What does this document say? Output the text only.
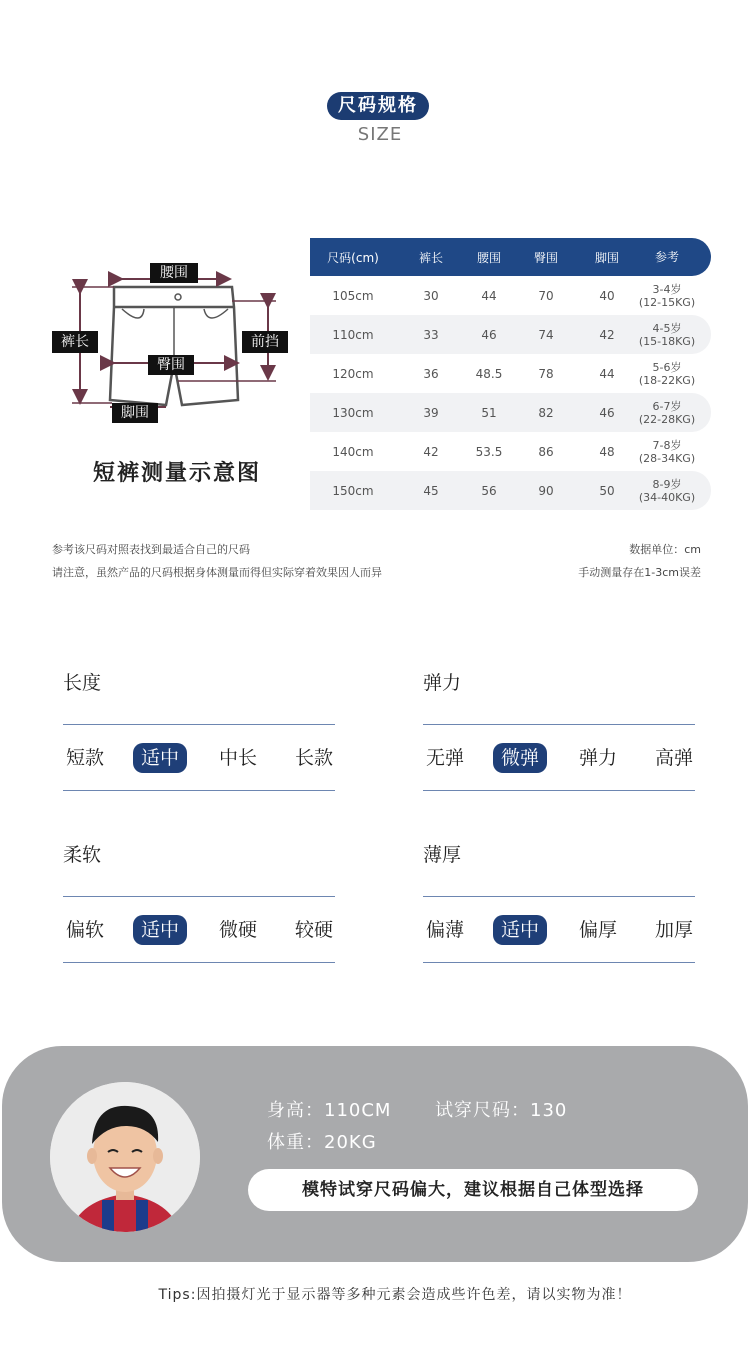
尺码规格
SIZE
腰围
裤长
臀围
前挡
脚围
短裤测量示意图
尺码(cm)	裤长	腰围	臀围	脚围	参考
105cm	30	44	70	40	3-4岁
(12-15KG)
110cm	33	46	74	42	4-5岁
(15-18KG)
120cm	36	48.5	78	44	5-6岁
(18-22KG)
130cm	39	51	82	46	6-7岁
(22-28KG)
140cm	42	53.5	86	48	7-8岁
(28-34KG)
150cm	45	56	90	50	8-9岁
(34-40KG)
参考该尺码对照表找到最适合自己的尺码
请注意，虽然产品的尺码根据身体测量而得但实际穿着效果因人而异
数据单位：cm
手动测量存在1-3cm误差
长度
短款	适中	中长 长款
弹力
无弹	微弹	弹力 高弹
柔软
偏软	适中	微硬 较硬
薄厚
偏薄	适中	偏厚 加厚
身高：110CM 试穿尺码：130
体重：20KG
模特试穿尺码偏大，建议根据自己体型选择
Tips:因拍摄灯光于显示器等多种元素会造成些许色差，请以实物为准！
